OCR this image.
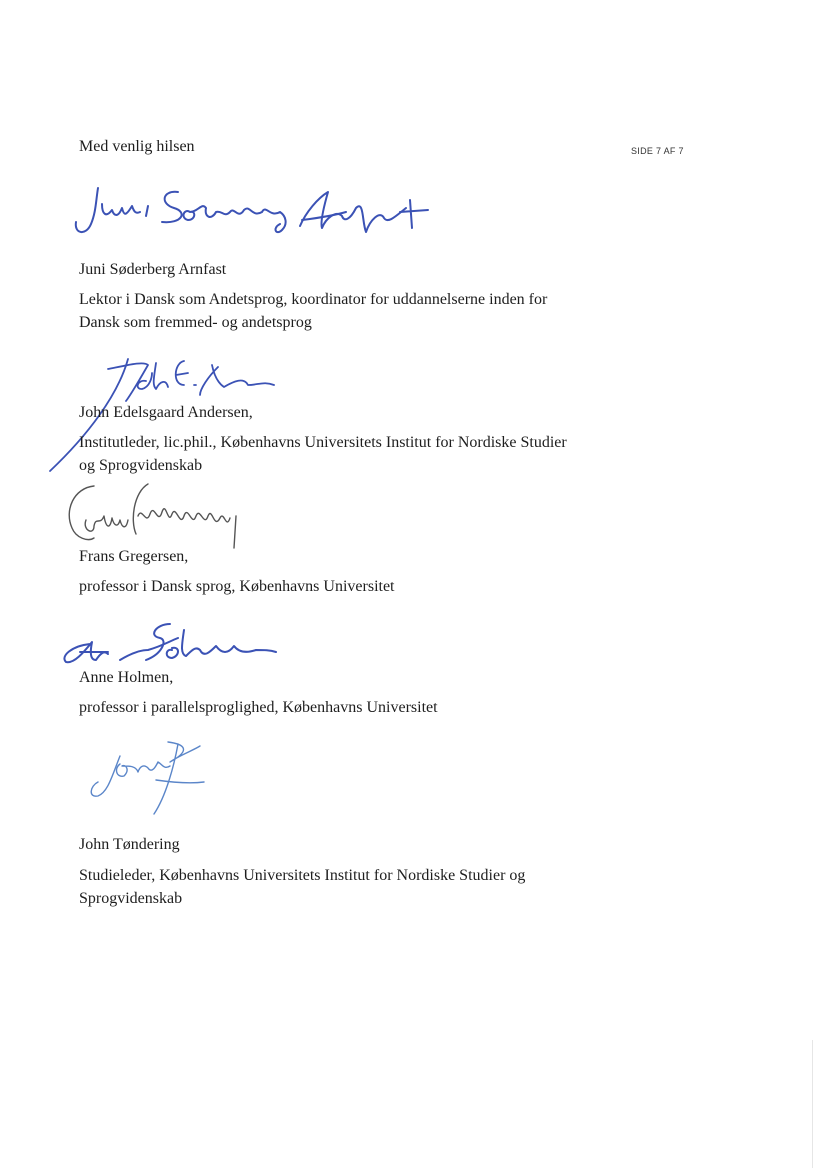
SIDE 7 AF 7
Med venlig hilsen
Juni Søderberg Arnfast
Lektor i Dansk som Andetsprog, koordinator for uddannelserne inden for
Dansk som fremmed- og andetsprog
John Edelsgaard Andersen,
Institutleder, lic.phil., Københavns Universitets Institut for Nordiske Studier
og Sprogvidenskab
Frans Gregersen,
professor i Dansk sprog, Københavns Universitet
Anne Holmen,
professor i parallelsproglighed, Københavns Universitet
John Tøndering
Studieleder, Københavns Universitets Institut for Nordiske Studier og
Sprogvidenskab
